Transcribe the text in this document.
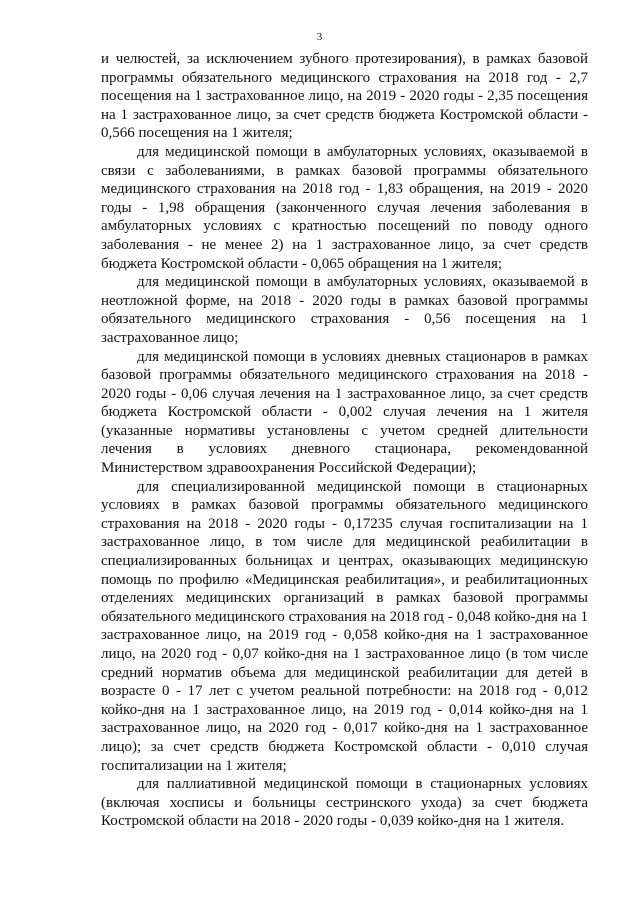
3

и челюстей, за исключением зубного протезирования), в рамках базовой программы обязательного медицинского страхования на 2018 год - 2,7 посещения на 1 застрахованное лицо, на 2019 - 2020 годы - 2,35 посещения на 1 застрахованное лицо, за счет средств бюджета Костромской области - 0,566 посещения на 1 жителя;

для медицинской помощи в амбулаторных условиях, оказываемой в связи с заболеваниями, в рамках базовой программы обязательного медицинского страхования на 2018 год - 1,83 обращения, на 2019 - 2020 годы - 1,98 обращения (законченного случая лечения заболевания в амбулаторных условиях с кратностью посещений по поводу одного заболевания - не менее 2) на 1 застрахованное лицо, за счет средств бюджета Костромской области - 0,065 обращения на 1 жителя;

для медицинской помощи в амбулаторных условиях, оказываемой в неотложной форме, на 2018 - 2020 годы в рамках базовой программы обязательного медицинского страхования - 0,56 посещения на 1 застрахованное лицо;

для медицинской помощи в условиях дневных стационаров в рамках базовой программы обязательного медицинского страхования на 2018 - 2020 годы - 0,06 случая лечения на 1 застрахованное лицо, за счет средств бюджета Костромской области - 0,002 случая лечения на 1 жителя (указанные нормативы установлены с учетом средней длительности лечения в условиях дневного стационара, рекомендованной Министерством здравоохранения Российской Федерации);

для специализированной медицинской помощи в стационарных условиях в рамках базовой программы обязательного медицинского страхования на 2018 - 2020 годы - 0,17235 случая госпитализации на 1 застрахованное лицо, в том числе для медицинской реабилитации в специализированных больницах и центрах, оказывающих медицинскую помощь по профилю «Медицинская реабилитация», и реабилитационных отделениях медицинских организаций в рамках базовой программы обязательного медицинского страхования на 2018 год - 0,048 койко-дня на 1 застрахованное лицо, на 2019 год - 0,058 койко-дня на 1 застрахованное лицо, на 2020 год - 0,07 койко-дня на 1 застрахованное лицо (в том числе средний норматив объема для медицинской реабилитации для детей в возрасте 0 - 17 лет с учетом реальной потребности: на 2018 год - 0,012 койко-дня на 1 застрахованное лицо, на 2019 год - 0,014 койко-дня на 1 застрахованное лицо, на 2020 год - 0,017 койко-дня на 1 застрахованное лицо); за счет средств бюджета Костромской области - 0,010 случая госпитализации на 1 жителя;

для паллиативной медицинской помощи в стационарных условиях (включая хосписы и больницы сестринского ухода) за счет бюджета Костромской области на 2018 - 2020 годы - 0,039 койко-дня на 1 жителя.
